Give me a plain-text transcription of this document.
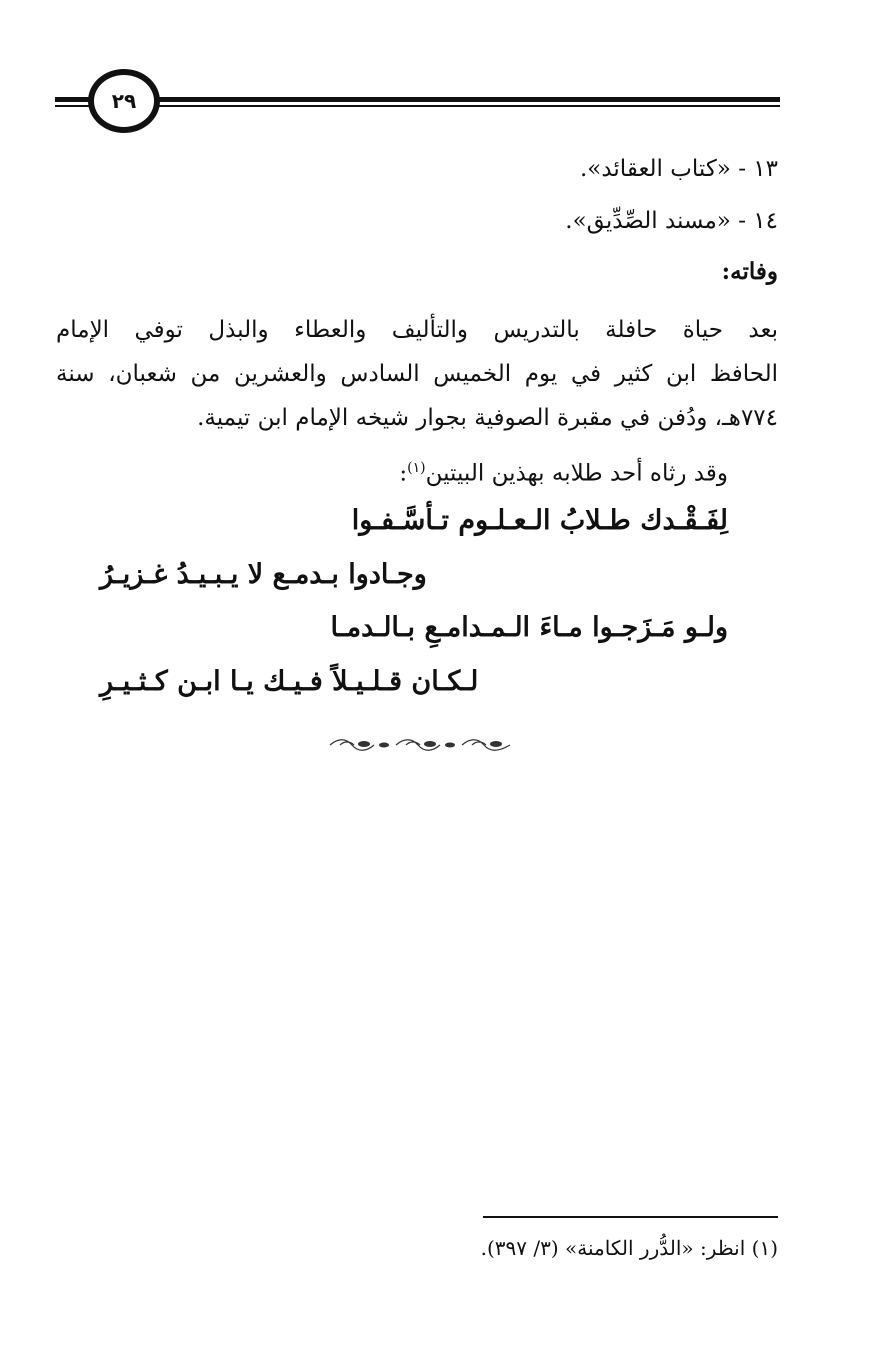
٢٩
١٣ - «كتاب العقائد».
١٤ - «مسند الصِّدِّيق».
وفاته:
بعد حياة حافلة بالتدريس والتأليف والعطاء والبذل توفي الإمام
الحافظ ابن كثير في يوم الخميس السادس والعشرين من شعبان، سنة
٧٧٤هـ، ودُفن في مقبرة الصوفية بجوار شيخه الإمام ابن تيمية.
وقد رثاه أحد طلابه بهذين البيتين$^{(١)}$:
لِفَـقْـدك طـلابُ الـعـلـوم تـأسَّـفـوا
وجـادوا بـدمـع لا يـبـيـدُ غـزيـرُ
ولـو مَـزَجـوا مـاءَ الـمـدامـعِ بـالـدمـا
لـكـان قـلـيـلاً فـيـك يـا ابـن كـثـيـرِ
(١) انظر: «الدُّرر الكامنة» (٣/ ٣٩٧).
